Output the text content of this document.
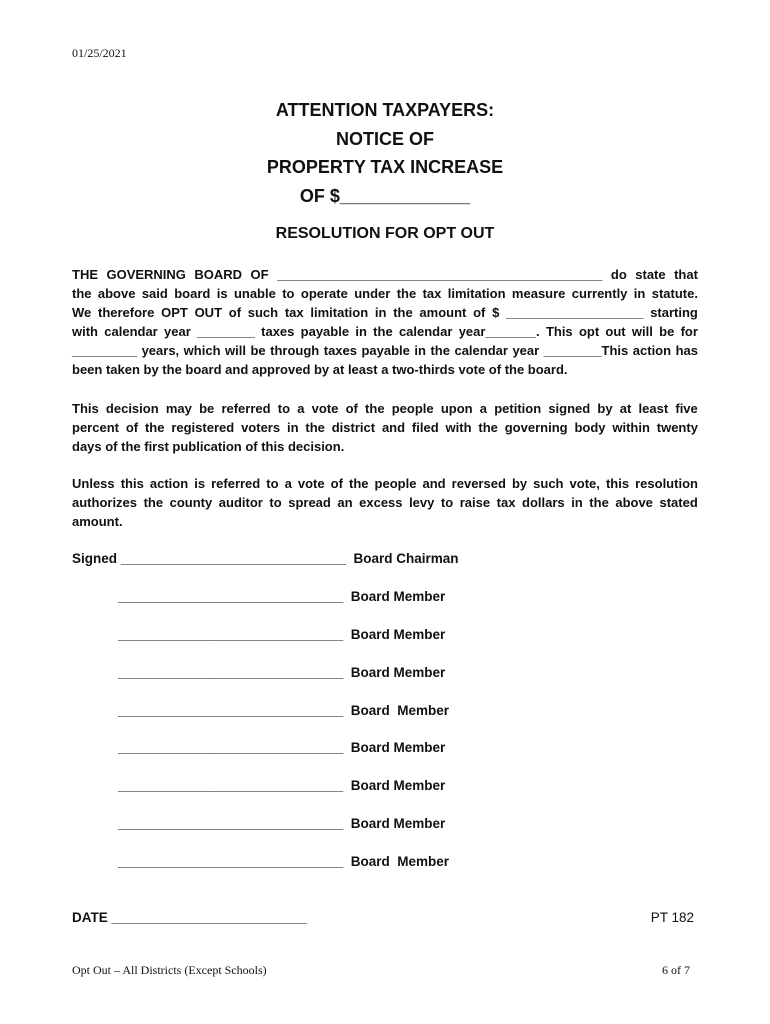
01/25/2021
ATTENTION TAXPAYERS:
NOTICE OF
PROPERTY TAX INCREASE
OF $_____________
RESOLUTION FOR OPT OUT
THE GOVERNING BOARD OF _____________________________________________ do state that
the above said board is unable to operate under the tax limitation measure currently in statute.
We therefore OPT OUT of such tax limitation in the amount of $ ___________________ starting
with calendar year ________ taxes payable in the calendar year_______. This opt out will be for
_________ years, which will be through taxes payable in the calendar year ________This action has
been taken by the board and approved by at least a two-thirds vote of the board.
This decision may be referred to a vote of the people upon a petition signed by at least five
percent of the registered voters in the district and filed with the governing body within twenty
days of the first publication of this decision.
Unless this action is referred to a vote of the people and reversed by such vote, this resolution
authorizes the county auditor to spread an excess levy to raise tax dollars in the above stated
amount.
Signed ______________________________  Board Chairman
______________________________  Board Member
______________________________  Board Member
______________________________  Board Member
______________________________  Board  Member
______________________________  Board Member
______________________________  Board Member
______________________________  Board Member
______________________________  Board  Member
DATE __________________________	PT 182
Opt Out – All Districts (Except Schools)	6 of 7
